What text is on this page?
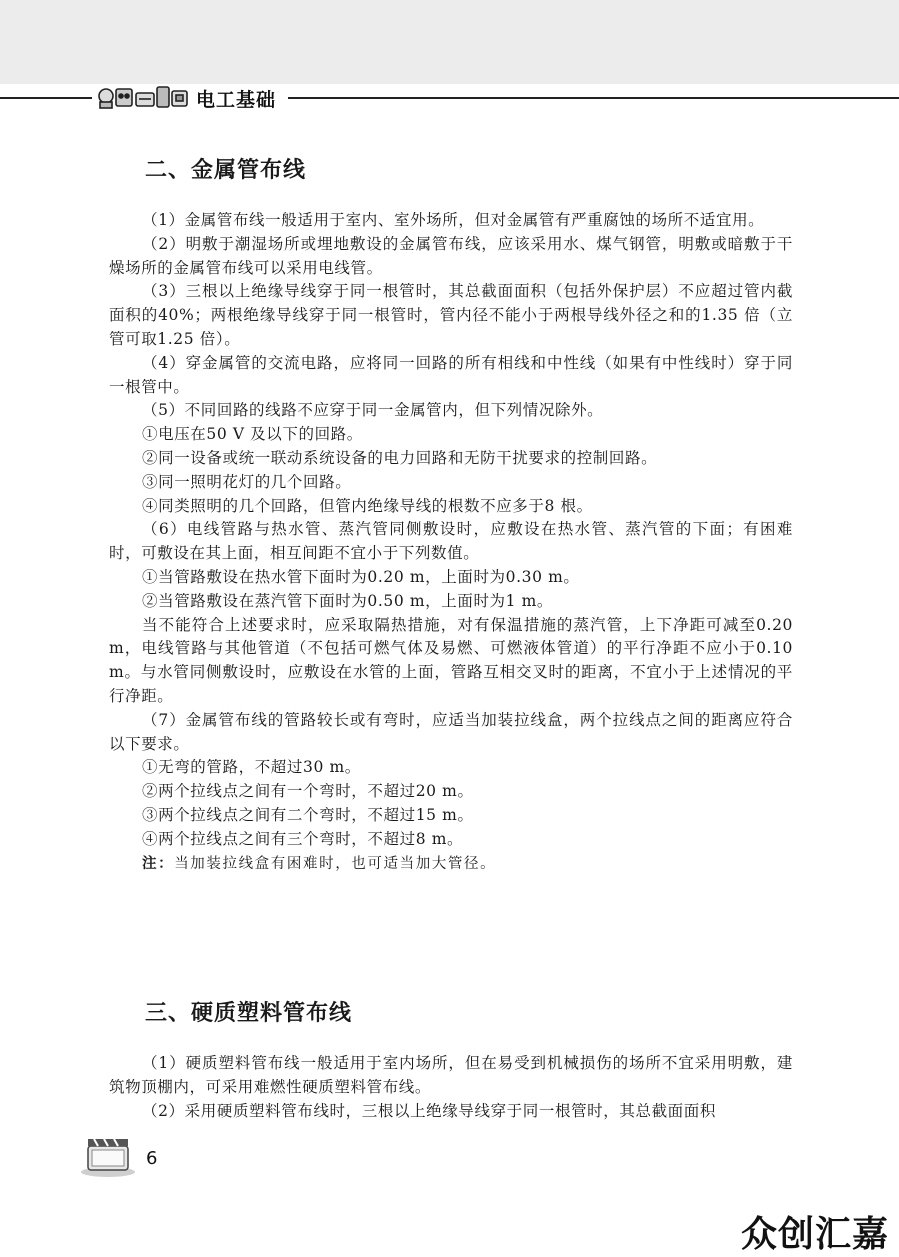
电工基础
二、金属管布线

（1）金属管布线一般适用于室内、室外场所，但对金属管有严重腐蚀的场所不适宜用。

（2）明敷于潮湿场所或埋地敷设的金属管布线，应该采用水、煤气钢管，明敷或暗敷于干燥场所的金属管布线可以采用电线管。

（3）三根以上绝缘导线穿于同一根管时，其总截面面积（包括外保护层）不应超过管内截面积的40%；两根绝缘导线穿于同一根管时，管内径不能小于两根导线外径之和的1.35 倍（立管可取1.25 倍）。

（4）穿金属管的交流电路，应将同一回路的所有相线和中性线（如果有中性线时）穿于同一根管中。

（5）不同回路的线路不应穿于同一金属管内，但下列情况除外。

①电压在50 V 及以下的回路。

②同一设备或统一联动系统设备的电力回路和无防干扰要求的控制回路。

③同一照明花灯的几个回路。

④同类照明的几个回路，但管内绝缘导线的根数不应多于8 根。

（6）电线管路与热水管、蒸汽管同侧敷设时，应敷设在热水管、蒸汽管的下面；有困难时，可敷设在其上面，相互间距不宜小于下列数值。

①当管路敷设在热水管下面时为0.20 m，上面时为0.30 m。

②当管路敷设在蒸汽管下面时为0.50 m，上面时为1 m。

当不能符合上述要求时，应采取隔热措施，对有保温措施的蒸汽管，上下净距可减至0.20 m，电线管路与其他管道（不包括可燃气体及易燃、可燃液体管道）的平行净距不应小于0.10 m。与水管同侧敷设时，应敷设在水管的上面，管路互相交叉时的距离，不宜小于上述情况的平行净距。

（7）金属管布线的管路较长或有弯时，应适当加装拉线盒，两个拉线点之间的距离应符合以下要求。

①无弯的管路，不超过30 m。

②两个拉线点之间有一个弯时，不超过20 m。

③两个拉线点之间有二个弯时，不超过15 m。

④两个拉线点之间有三个弯时，不超过8 m。

注：当加装拉线盒有困难时，也可适当加大管径。

三、硬质塑料管布线

（1）硬质塑料管布线一般适用于室内场所，但在易受到机械损伤的场所不宜采用明敷，建筑物顶棚内，可采用难燃性硬质塑料管布线。

（2）采用硬质塑料管布线时，三根以上绝缘导线穿于同一根管时，其总截面面积

6
众创汇嘉
